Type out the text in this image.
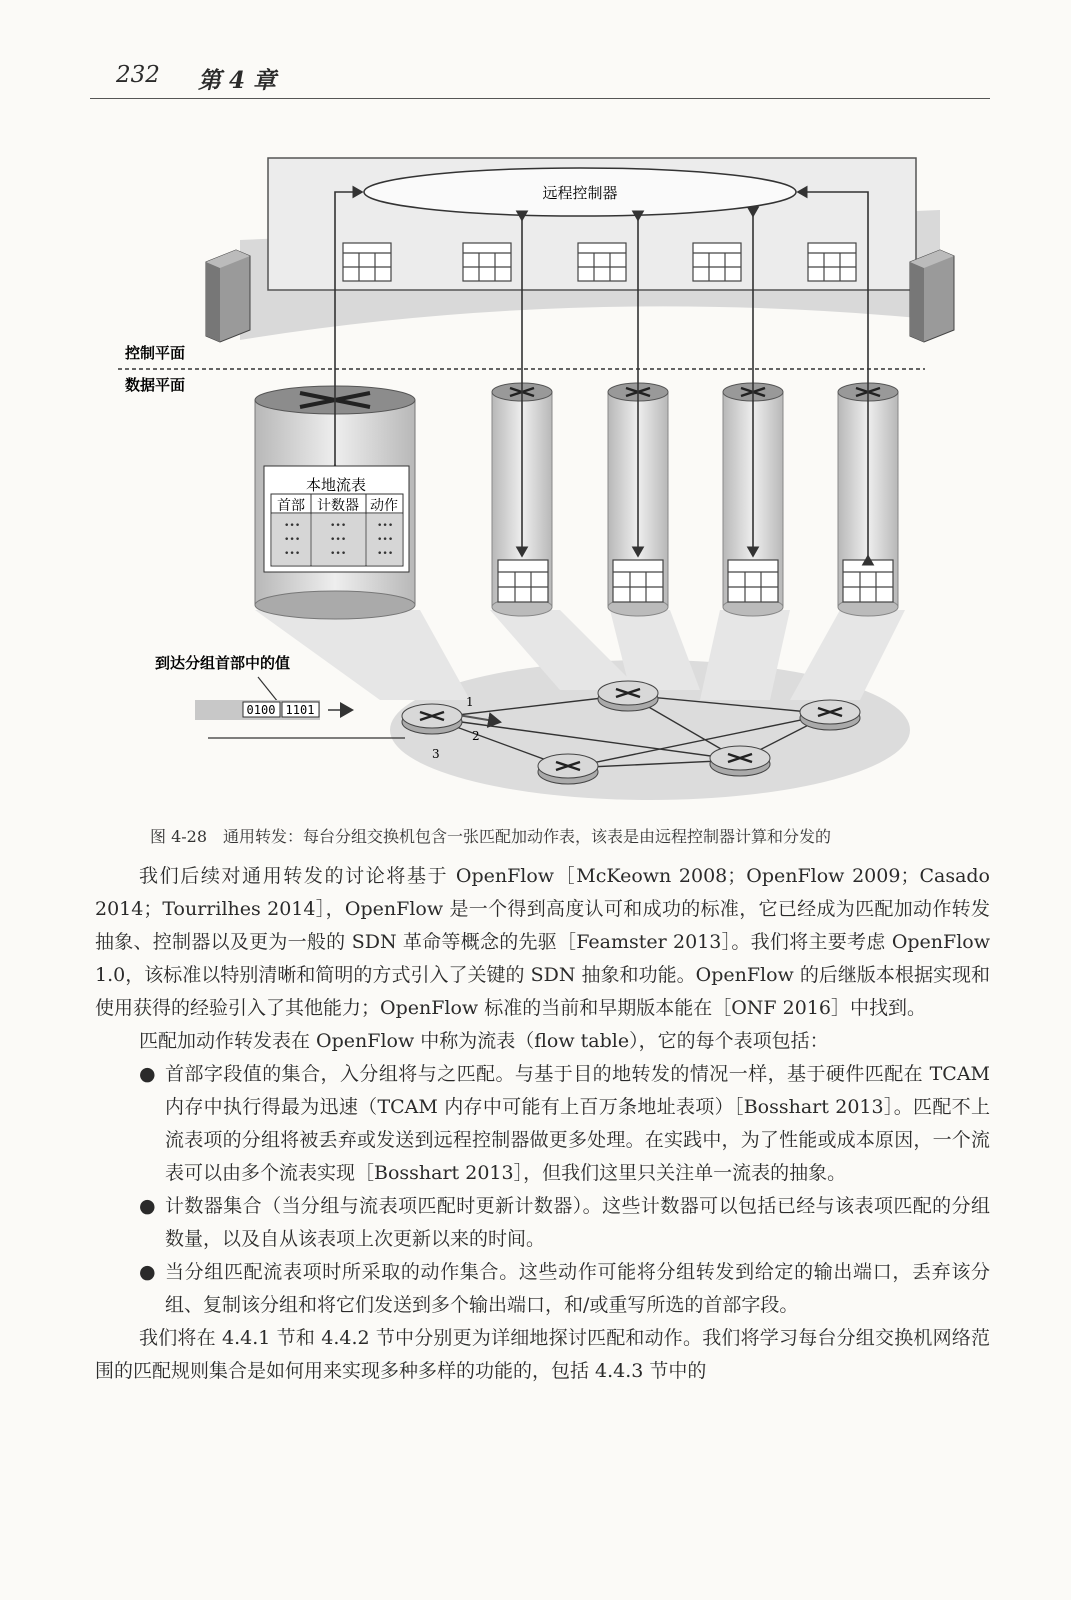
232 第 4 章
远程控制器
控制平面
数据平面
•••
•••
•••
•••
•••
•••
•••
•••
•••
本地流表
首部 计数器 动作
到达分组首部中的值
0100 1101
1
2
3
图 4-28　通用转发：每台分组交换机包含一张匹配加动作表，该表是由远程控制器计算和分发的

我们后续对通用转发的讨论将基于 OpenFlow［McKeown 2008；OpenFlow 2009；Casado 2014；Tourrilhes 2014］，OpenFlow 是一个得到高度认可和成功的标准，它已经成为匹配加动作转发抽象、控制器以及更为一般的 SDN 革命等概念的先驱［Feamster 2013］。我们将主要考虑 OpenFlow 1.0，该标准以特别清晰和简明的方式引入了关键的 SDN 抽象和功能。OpenFlow 的后继版本根据实现和使用获得的经验引入了其他能力；OpenFlow 标准的当前和早期版本能在［ONF 2016］中找到。

匹配加动作转发表在 OpenFlow 中称为流表（flow table），它的每个表项包括：

● 首部字段值的集合，入分组将与之匹配。与基于目的地转发的情况一样，基于硬件匹配在 TCAM 内存中执行得最为迅速（TCAM 内存中可能有上百万条地址表项）［Bosshart 2013］。匹配不上流表项的分组将被丢弃或发送到远程控制器做更多处理。在实践中，为了性能或成本原因，一个流表可以由多个流表实现［Bosshart 2013］，但我们这里只关注单一流表的抽象。

● 计数器集合（当分组与流表项匹配时更新计数器）。这些计数器可以包括已经与该表项匹配的分组数量，以及自从该表项上次更新以来的时间。

● 当分组匹配流表项时所采取的动作集合。这些动作可能将分组转发到给定的输出端口，丢弃该分组、复制该分组和将它们发送到多个输出端口，和/或重写所选的首部字段。

我们将在 4.4.1 节和 4.4.2 节中分别更为详细地探讨匹配和动作。我们将学习每台分组交换机网络范围的匹配规则集合是如何用来实现多种多样的功能的，包括 4.4.3 节中的
